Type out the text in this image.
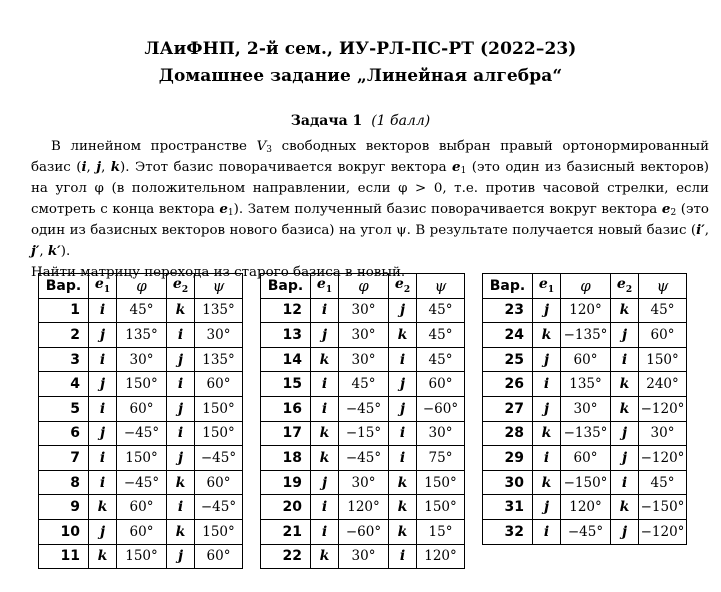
ЛАиФНП, 2-й сем., ИУ-РЛ-ПС-РТ (2022–23)
Домашнее задание „Линейная алгебра“
Задача 1 (1 балл)
В линейном пространстве $V_3$ свободных векторов выбран правый ортонормированный базис (i, j, k). Этот базис поворачивается вокруг вектора $e_1$ (это один из базисный векторов) на угол φ (в положительном направлении, если φ > 0, т.е. против часовой стрелки, если смотреть с конца вектора $e_1$). Затем полученный базис поворачивается вокруг вектора $e_2$ (это один из базисных векторов нового базиса) на угол ψ. В результате получается новый базис (i′, j′, k′).
Найти матрицу перехода из старого базиса в новый.
Вар.	$e_1$	φ	$e_2$	ψ
1	i	45°	k	135°
2	j	135°	i	30°
3	i	30°	j	135°
4	j	150°	i	60°
5	i	60°	j	150°
6	j	−45°	i	150°
7	i	150°	j	−45°
8	i	−45°	k	60°
9	k	60°	i	−45°
10	j	60°	k	150°
11	k	150°	j	60°
Вар.	$e_1$	φ	$e_2$	ψ
12	i	30°	j	45°
13	j	30°	k	45°
14	k	30°	i	45°
15	i	45°	j	60°
16	i	−45°	j	−60°
17	k	−15°	i	30°
18	k	−45°	i	75°
19	j	30°	k	150°
20	i	120°	k	150°
21	i	−60°	k	15°
22	k	30°	i	120°
Вар.	$e_1$	φ	$e_2$	ψ
23	j	120°	k	45°
24	k	−135°	j	60°
25	j	60°	i	150°
26	i	135°	k	240°
27	j	30°	k	−120°
28	k	−135°	j	30°
29	i	60°	j	−120°
30	k	−150°	i	45°
31	j	120°	k	−150°
32	i	−45°	j	−120°
